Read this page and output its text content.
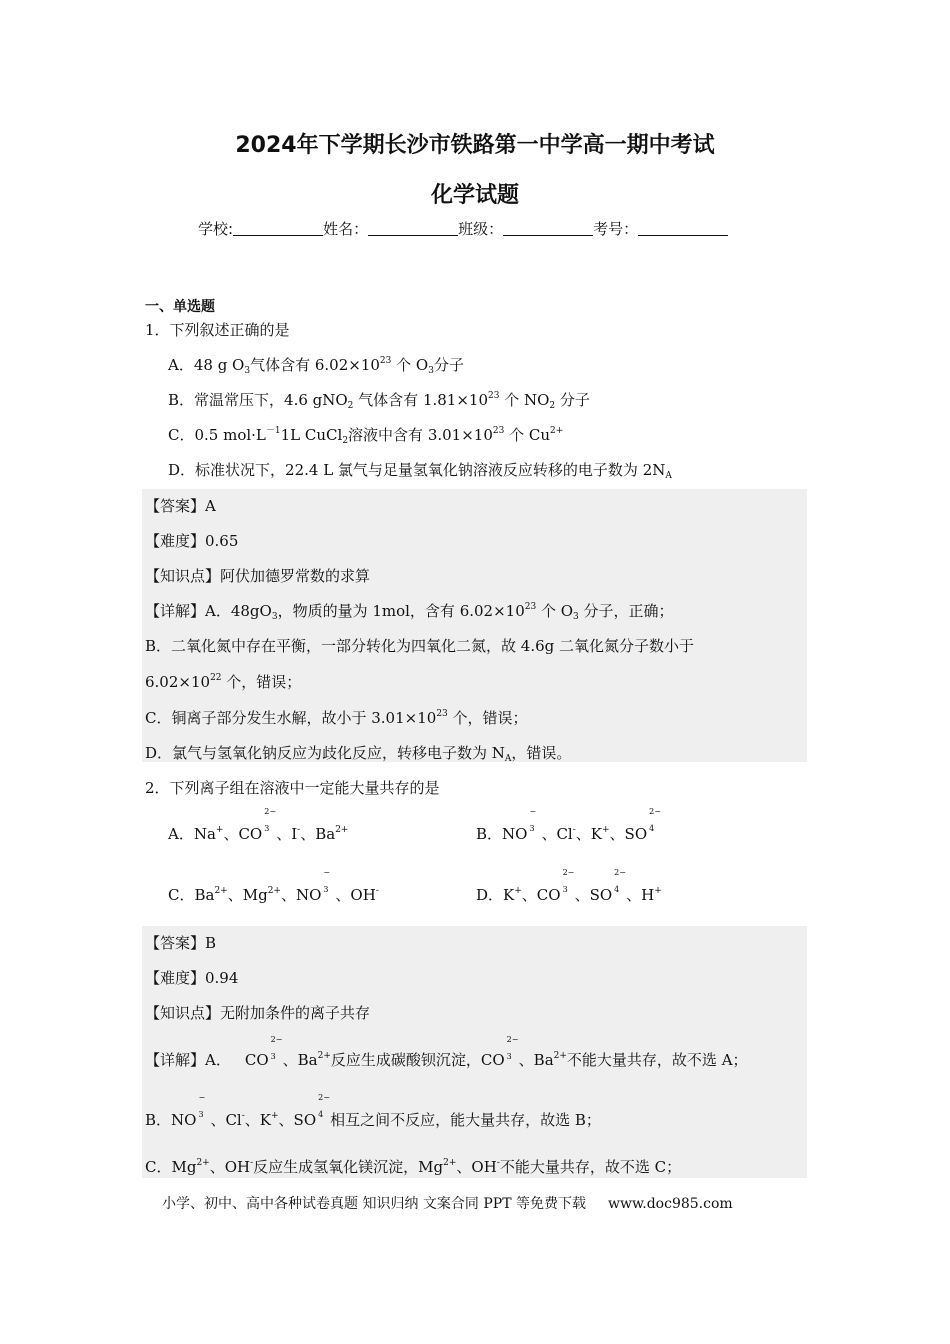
2024年下学期长沙市铁路第一中学高一期中考试
化学试题
学校:	姓名：	班级：	考号：
一、单选题
1．下列叙述正确的是
A．48 g $O_3$气体含有 $6.02\times 10^{23}$ 个 $O_3$分子
B．常温常压下，4.6 gNO$_2$ 气体含有 $1.81\times 10^{23}$ 个 $NO_2$ 分子
C．0.5 $mol\cdot L^{-1}1L$ CuCl$_2$溶液中含有 $3.01\times 10^{23}$ 个 $Cu^{2+}$
D．标准状况下，22.4 L 氯气与足量氢氧化钠溶液反应转移的电子数为 $2N_A$
【答案】A
【难度】0.65
【知识点】阿伏加德罗常数的求算
【详解】A．$48gO_3$，物质的量为 1mol，含有 $6.02\times 10^{23}$ 个 $O_3$ 分子，正确；
B．二氧化氮中存在平衡，一部分转化为四氧化二氮，故 4.6g 二氧化氮分子数小于
$6.02\times 10^{22}$ 个，错误；
C．铜离子部分发生水解，故小于 $3.01\times 10^{23}$ 个，错误；
D．氯气与氢氧化钠反应为歧化反应，转移电子数为 $N_A$，错误。
2．下列离子组在溶液中一定能大量共存的是
A．Na+、CO
2−
3 、I-、$Ba^{2+}$	B．NO
−
3 、Cl-、K+、SO
2−
4
C．$Ba^{2+}$、$Mg^{2+}$、NO
−
3 、OH-	D．K+、CO
2−
3 、SO
2−
4 、H+
【答案】B
【难度】0.94
【知识点】无附加条件的离子共存
【详解】A． CO
2−
3 、$Ba^{2+}$反应生成碳酸钡沉淀，CO
2−
3 、$Ba^{2+}$不能大量共存，故不选 A；
B．NO
−
3 、Cl-、K+、SO
2−
4 相互之间不反应，能大量共存，故选 B；
C．$Mg^{2+}$、OH-反应生成氢氧化镁沉淀，$Mg^{2+}$、OH-不能大量共存，故不选 C；
小学、初中、高中各种试卷真题 知识归纳 文案合同 PPT 等免费下载 www.doc985.com
